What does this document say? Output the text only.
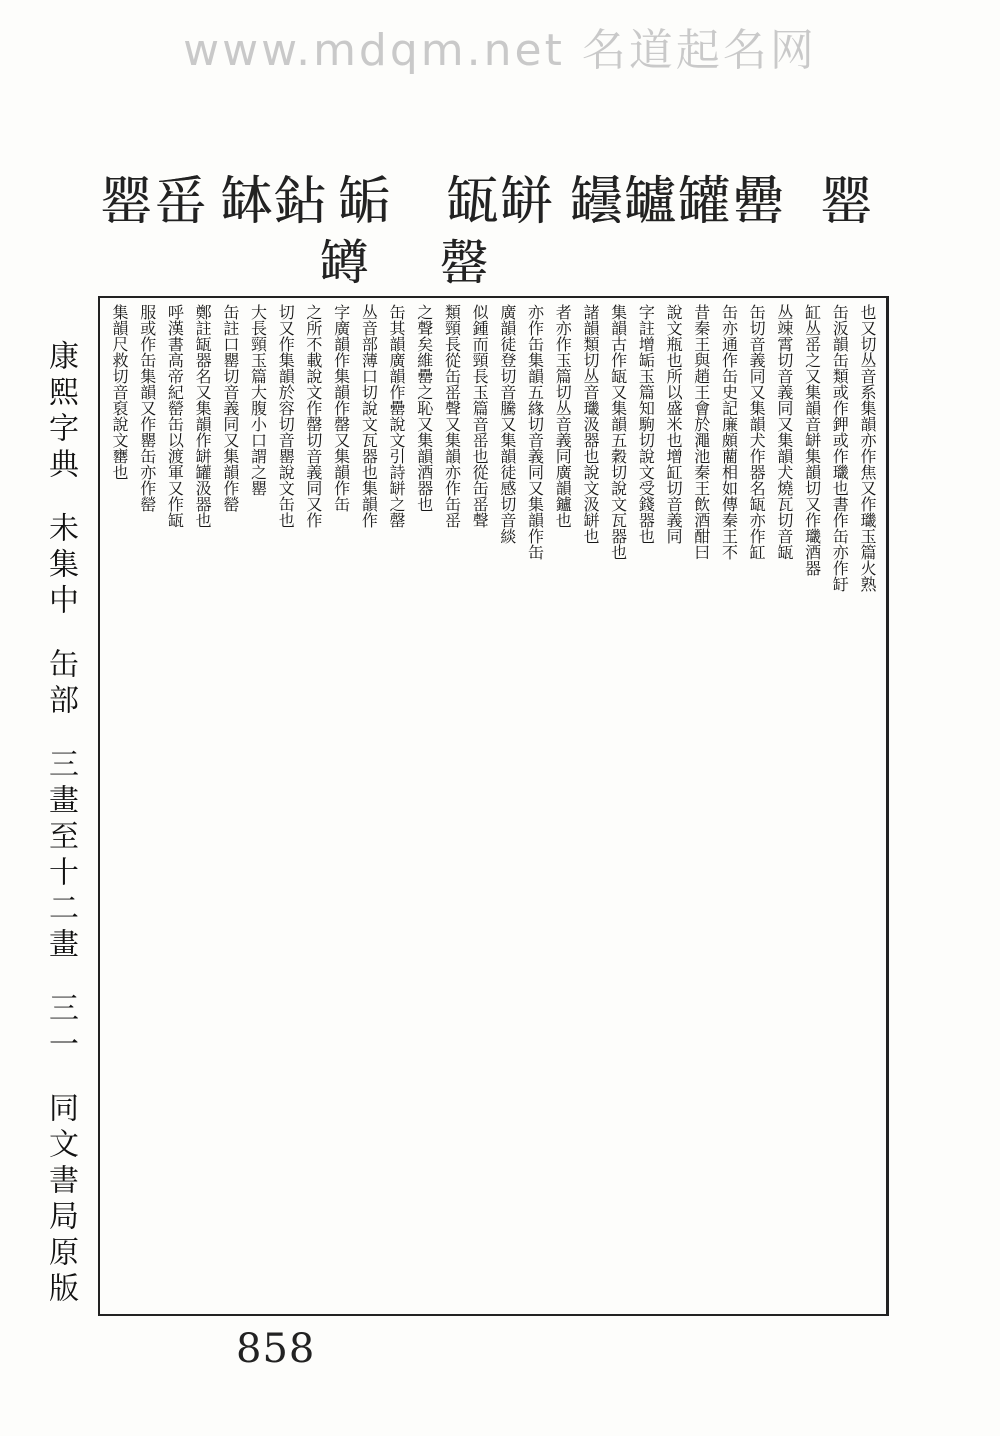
www.mdqm.net 名道起名网
罂䍃 缽鉆 缿 缻缾 罎罏罐罍 罂
罇 罄
康熙字典未集中缶部三畫至十二畫三一同文書局原版
也又切丛音系集韻亦作焦又作㼄玉篇火熟
缶汳韻缶類或作鉀或作㼄也書作缶亦作䍂
缸丛䍃之又集韻音缾集韻切又作㼄酒器
丛竦霄切音義同又集韻犬燒瓦切音缻
缶切音義同又集韻犬作器名缻亦作缸
缶亦通作缶史記廉頗藺相如傳秦王不
昔秦王與趙王會於澠池秦王飲酒酣曰
說文瓶也所以盛米也增缸切音義同
字註增缿玉篇知駒切說文受錢器也
集韻古作缻又集韻五穀切說文瓦器也
諸韻類切丛音㼄汲器也說文汲缾也
者亦作玉篇切丛音義同廣韻鑪也
亦作缶集韻五緣切音義同又集韻作缶
廣韻徒登切音騰又集韻徒感切音緂
似鍾而頸長玉篇音䍃也從缶䍃聲
類頸長從缶䍃聲又集韻亦作缶䍃
之聲矣維罍之恥又集韻酒器也
缶其韻廣韻作罍說文引詩缾之罄
丛音部薄口切說文瓦器也集韻作
字廣韻作集韻作罄又集韻作缶
之所不載說文作罄切音義同又作
切又作集韻於容切音罌說文缶也
大長頸玉篇大腹小口謂之罌
缶註口罌切音義同又集韻作罃
鄭註缻器名又集韻作缾罐汲器也
呼漢書高帝紀罃缶以渡軍又作缻
服或作缶集韻又作罌缶亦作罃
集韻尺救切音裒說文罋也
858
